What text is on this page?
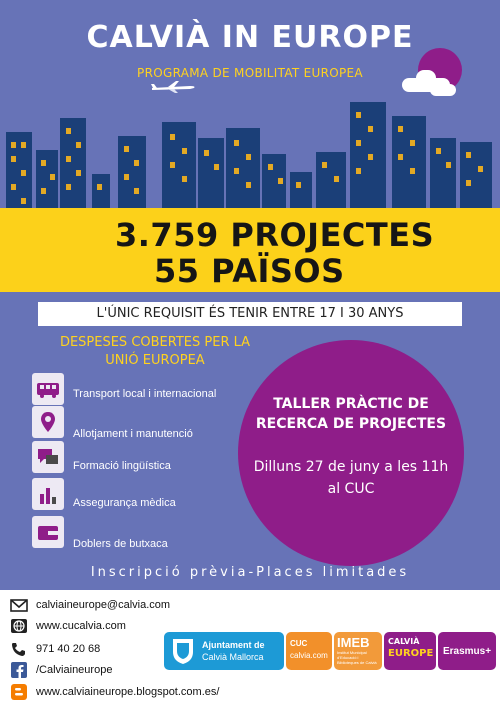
CALVIÀ IN EUROPE
PROGRAMA DE MOBILITAT EUROPEA
3.759 PROJECTES
55 PAÏSOS
L'ÚNIC REQUISIT ÉS TENIR ENTRE 17 I 30 ANYS
DESPESES COBERTES PER LA
UNIÓ EUROPEA
Transport local i internacional
Allotjament i manutenció
Formació lingüística
Assegurança mèdica
Doblers de butxaca
TALLER PRÀCTIC DE
RECERCA DE PROJECTES
Dilluns 27 de juny a les 11h
al CUC
Inscripció prèvia-Places limitades
calviaineurope@calvia.com
www.cucalvia.com
971 40 20 68
/Calviaineurope
www.calviaineurope.blogspot.com.es/
Ajuntament de
Calvià Mallorca
CUC
calvia.com
IMEB
Institut Municipal d'Educació i Biblioteques de Calvià
CALVIÀ
EUROPE Erasmus+
